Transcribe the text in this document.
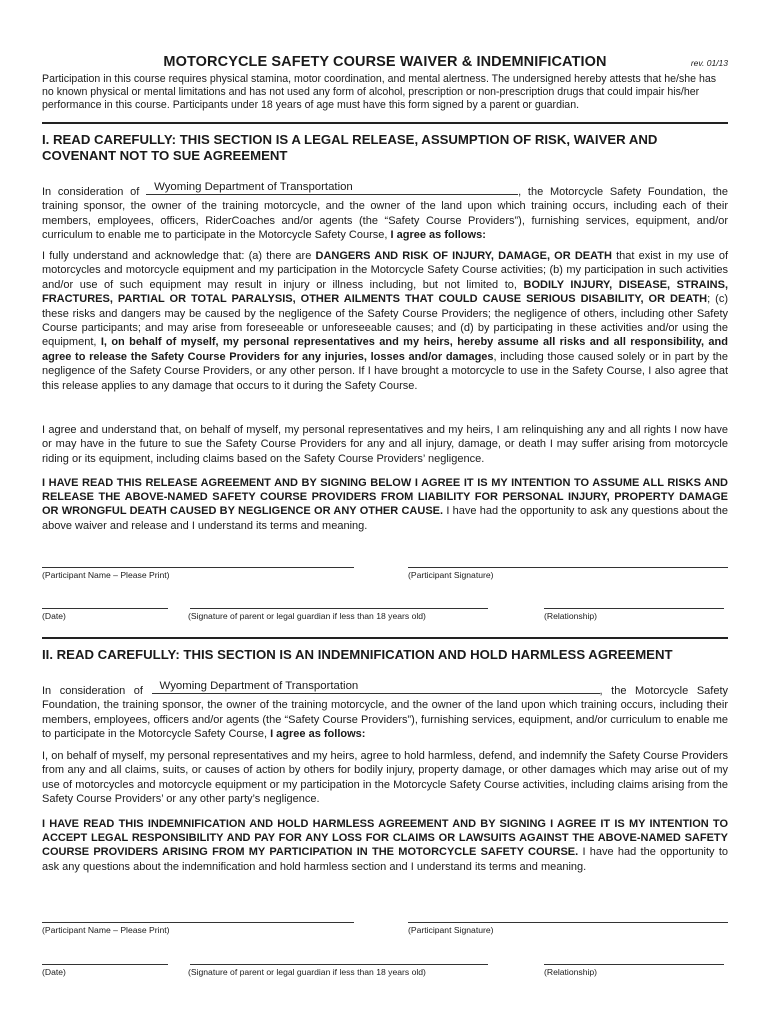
MOTORCYCLE SAFETY COURSE WAIVER & INDEMNIFICATION	rev. 01/13
Participation in this course requires physical stamina, motor coordination, and mental alertness. The undersigned hereby attests that he/she has no known physical or mental limitations and has not used any form of alcohol, prescription or non-prescription drugs that could impair his/her performance in this course. Participants under 18 years of age must have this form signed by a parent or guardian.
I. READ CAREFULLY: THIS SECTION IS A LEGAL RELEASE, ASSUMPTION OF RISK, WAIVER AND COVENANT NOT TO SUE AGREEMENT
In consideration of Wyoming Department of Transportation	, the Motorcycle Safety Foundation, the training sponsor, the owner of the training motorcycle, and the owner of the land upon which training occurs, including each of their members, employees, officers, RiderCoaches and/or agents (the “Safety Course Providers”), furnishing services, equipment, and/or curriculum to enable me to participate in the Motorcycle Safety Course, I agree as follows:
I fully understand and acknowledge that: (a) there are DANGERS AND RISK OF INJURY, DAMAGE, OR DEATH that exist in my use of motorcycles and motorcycle equipment and my participation in the Motorcycle Safety Course activities; (b) my participation in such activities and/or use of such equipment may result in injury or illness including, but not limited to, BODILY INJURY, DISEASE, STRAINS, FRACTURES, PARTIAL OR TOTAL PARALYSIS, OTHER AILMENTS THAT COULD CAUSE SERIOUS DISABILITY, OR DEATH; (c) these risks and dangers may be caused by the negligence of the Safety Course Providers; the negligence of others, including other Safety Course participants; and may arise from foreseeable or unforeseeable causes; and (d) by participating in these activities and/or using the equipment, I, on behalf of myself, my personal representatives and my heirs, hereby assume all risks and all responsibility, and agree to release the Safety Course Providers for any injuries, losses and/or damages, including those caused solely or in part by the negligence of the Safety Course Providers, or any other person. If I have brought a motorcycle to use in the Safety Course, I also agree that this release applies to any damage that occurs to it during the Safety Course.
I agree and understand that, on behalf of myself, my personal representatives and my heirs, I am relinquishing any and all rights I now have or may have in the future to sue the Safety Course Providers for any and all injury, damage, or death I may suffer arising from motorcycle riding or its equipment, including claims based on the Safety Course Providers’ negligence.
I HAVE READ THIS RELEASE AGREEMENT AND BY SIGNING BELOW I AGREE IT IS MY INTENTION TO ASSUME ALL RISKS AND RELEASE THE ABOVE-NAMED SAFETY COURSE PROVIDERS FROM LIABILITY FOR PERSONAL INJURY, PROPERTY DAMAGE OR WRONGFUL DEATH CAUSED BY NEGLIGENCE OR ANY OTHER CAUSE. I have had the opportunity to ask any questions about the above waiver and release and I understand its terms and meaning.
(Participant Name – Please Print)	(Participant Signature)
(Date)	(Signature of parent or legal guardian if less than 18 years old)	(Relationship)
II. READ CAREFULLY: THIS SECTION IS AN INDEMNIFICATION AND HOLD HARMLESS AGREEMENT
In consideration of Wyoming Department of Transportation	, the Motorcycle Safety Foundation, the training sponsor, the owner of the training motorcycle, and the owner of the land upon which training occurs, including their members, employees, officers and/or agents (the “Safety Course Providers”), furnishing services, equipment, and/or curriculum to enable me to participate in the Motorcycle Safety Course, I agree as follows:
I, on behalf of myself, my personal representatives and my heirs, agree to hold harmless, defend, and indemnify the Safety Course Providers from any and all claims, suits, or causes of action by others for bodily injury, property damage, or other damages which may arise out of my use of motorcycles and motorcycle equipment or my participation in the Motorcycle Safety Course activities, including claims arising from the Safety Course Providers’ or any other party’s negligence.
I HAVE READ THIS INDEMNIFICATION AND HOLD HARMLESS AGREEMENT AND BY SIGNING I AGREE IT IS MY INTENTION TO ACCEPT LEGAL RESPONSIBILITY AND PAY FOR ANY LOSS FOR CLAIMS OR LAWSUITS AGAINST THE ABOVE-NAMED SAFETY COURSE PROVIDERS ARISING FROM MY PARTICIPATION IN THE MOTORCYCLE SAFETY COURSE. I have had the opportunity to ask any questions about the indemnification and hold harmless section and I understand its terms and meaning.
(Participant Name – Please Print)	(Participant Signature)
(Date)	(Signature of parent or legal guardian if less than 18 years old)	(Relationship)
